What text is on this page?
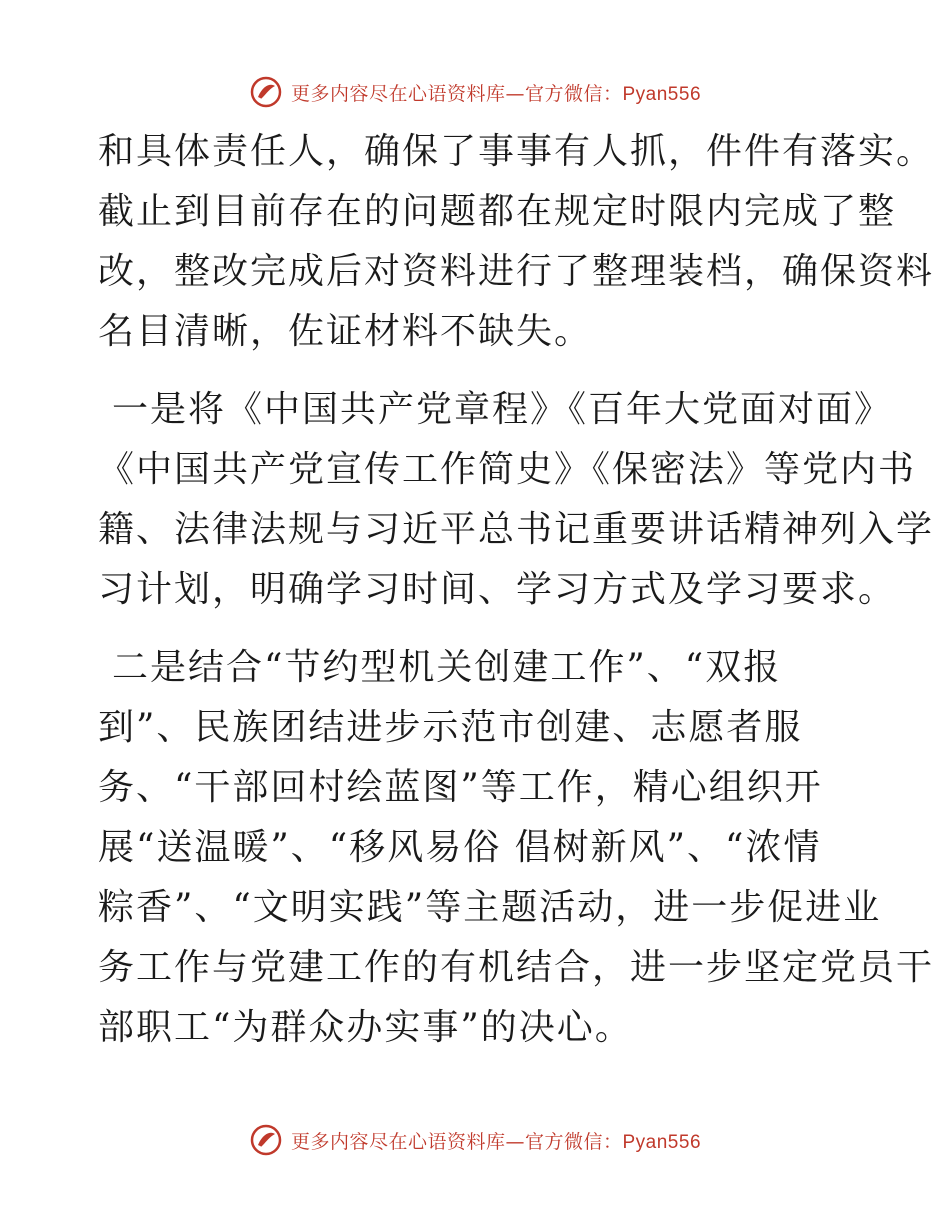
更多内容尽在心语资料库—官方微信：Pyan556

和具体责任人，确保了事事有人抓，件件有落实。
截止到目前存在的问题都在规定时限内完成了整
改，整改完成后对资料进行了整理装档，确保资料
名目清晰，佐证材料不缺失。

一是将《中国共产党章程》《百年大党面对面》
《中国共产党宣传工作简史》《保密法》等党内书
籍、法律法规与习近平总书记重要讲话精神列入学
习计划，明确学习时间、学习方式及学习要求。

二是结合“节约型机关创建工作”、“双报
到”、民族团结进步示范市创建、志愿者服
务、“干部回村绘蓝图”等工作，精心组织开
展“送温暖”、“移风易俗 倡树新风”、“浓情
粽香”、“文明实践”等主题活动，进一步促进业
务工作与党建工作的有机结合，进一步坚定党员干
部职工“为群众办实事”的决心。

更多内容尽在心语资料库—官方微信：Pyan556
